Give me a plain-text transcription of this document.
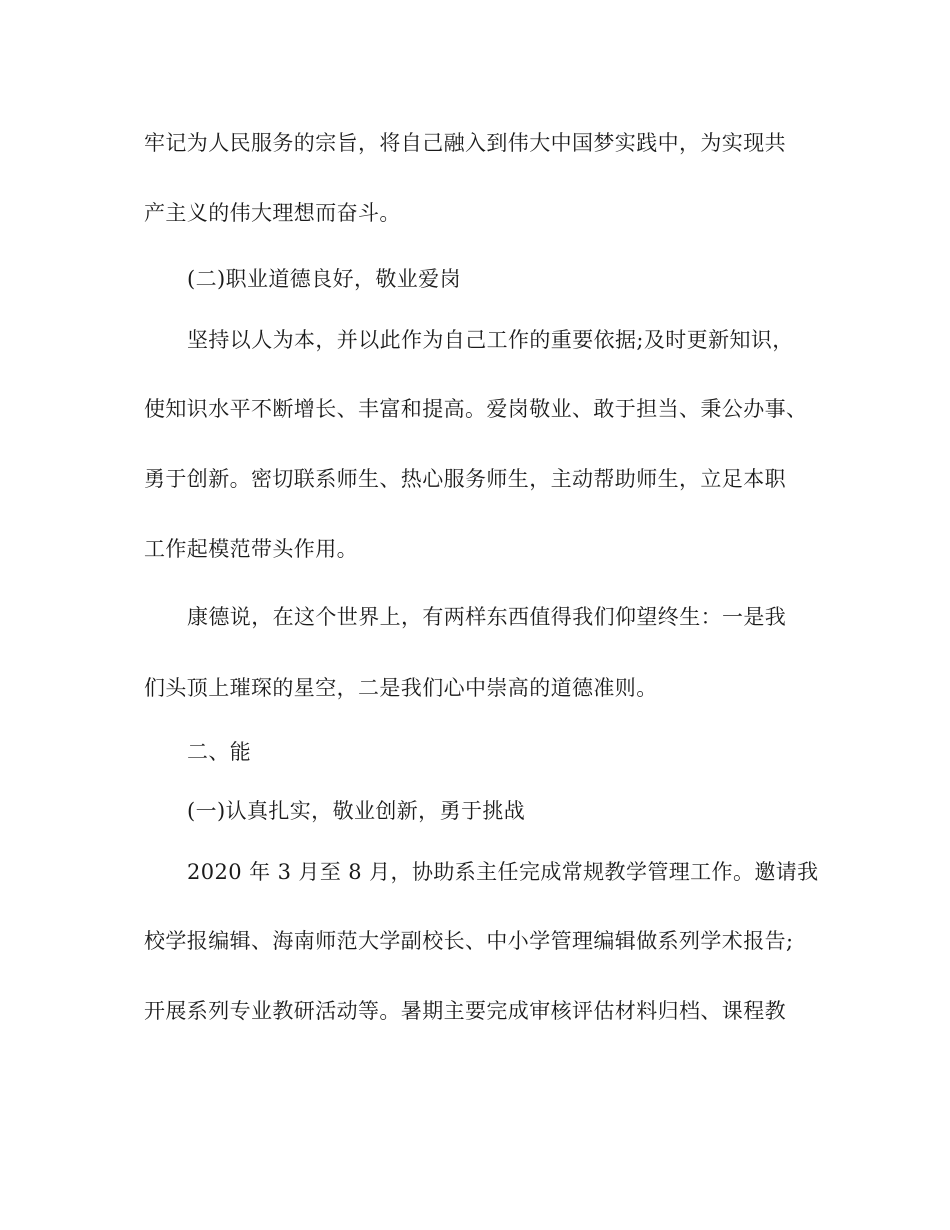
牢记为人民服务的宗旨，将自己融入到伟大中国梦实践中，为实现共

产主义的伟大理想而奋斗。

(二)职业道德良好，敬业爱岗

坚持以人为本，并以此作为自己工作的重要依据;及时更新知识，

使知识水平不断增长、丰富和提高。爱岗敬业、敢于担当、秉公办事、

勇于创新。密切联系师生、热心服务师生，主动帮助师生，立足本职

工作起模范带头作用。

康德说，在这个世界上，有两样东西值得我们仰望终生：一是我

们头顶上璀琛的星空，二是我们心中崇高的道德准则。

二、能

(一)认真扎实，敬业创新，勇于挑战

2020 年 3 月至 8 月，协助系主任完成常规教学管理工作。邀请我

校学报编辑、海南师范大学副校长、中小学管理编辑做系列学术报告;

开展系列专业教研活动等。暑期主要完成审核评估材料归档、课程教
